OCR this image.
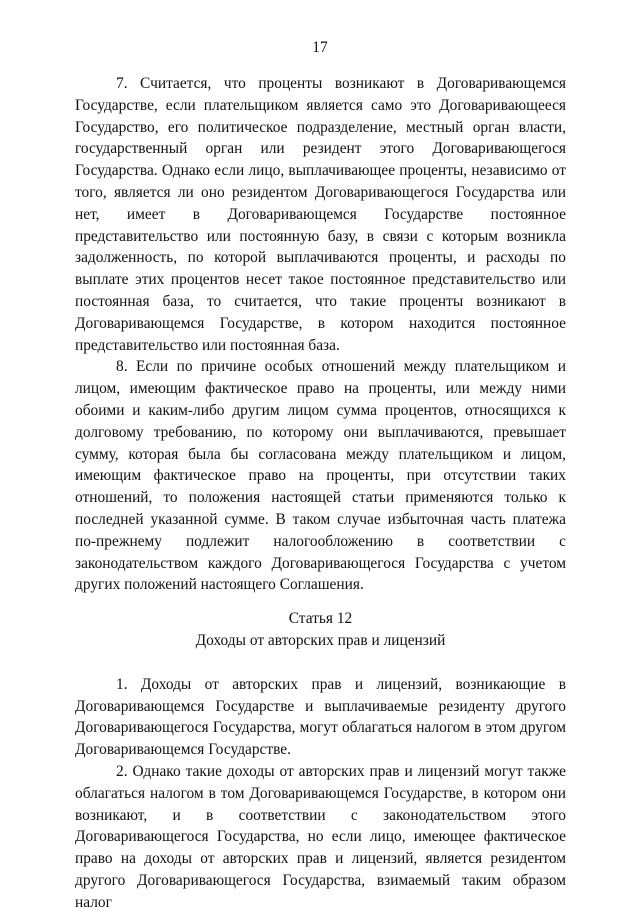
17

7. Считается, что проценты возникают в Договаривающемся Государстве, если плательщиком является само это Договаривающееся Государство, его политическое подразделение, местный орган власти, государственный орган или резидент этого Договаривающегося Государства. Однако если лицо, выплачивающее проценты, независимо от того, является ли оно резидентом Договаривающегося Государства или нет, имеет в Договаривающемся Государстве постоянное представительство или постоянную базу, в связи с которым возникла задолженность, по которой выплачиваются проценты, и расходы по выплате этих процентов несет такое постоянное представительство или постоянная база, то считается, что такие проценты возникают в Договаривающемся Государстве, в котором находится постоянное представительство или постоянная база.

8. Если по причине особых отношений между плательщиком и лицом, имеющим фактическое право на проценты, или между ними обоими и каким-либо другим лицом сумма процентов, относящихся к долговому требованию, по которому они выплачиваются, превышает сумму, которая была бы согласована между плательщиком и лицом, имеющим фактическое право на проценты, при отсутствии таких отношений, то положения настоящей статьи применяются только к последней указанной сумме. В таком случае избыточная часть платежа по-прежнему подлежит налогообложению в соответствии с законодательством каждого Договаривающегося Государства с учетом других положений настоящего Соглашения.

Статья 12
Доходы от авторских прав и лицензий

1. Доходы от авторских прав и лицензий, возникающие в Договаривающемся Государстве и выплачиваемые резиденту другого Договаривающегося Государства, могут облагаться налогом в этом другом Договаривающемся Государстве.

2. Однако такие доходы от авторских прав и лицензий могут также облагаться налогом в том Договаривающемся Государстве, в котором они возникают, и в соответствии с законодательством этого Договаривающегося Государства, но если лицо, имеющее фактическое право на доходы от авторских прав и лицензий, является резидентом другого Договаривающегося Государства, взимаемый таким образом налог
